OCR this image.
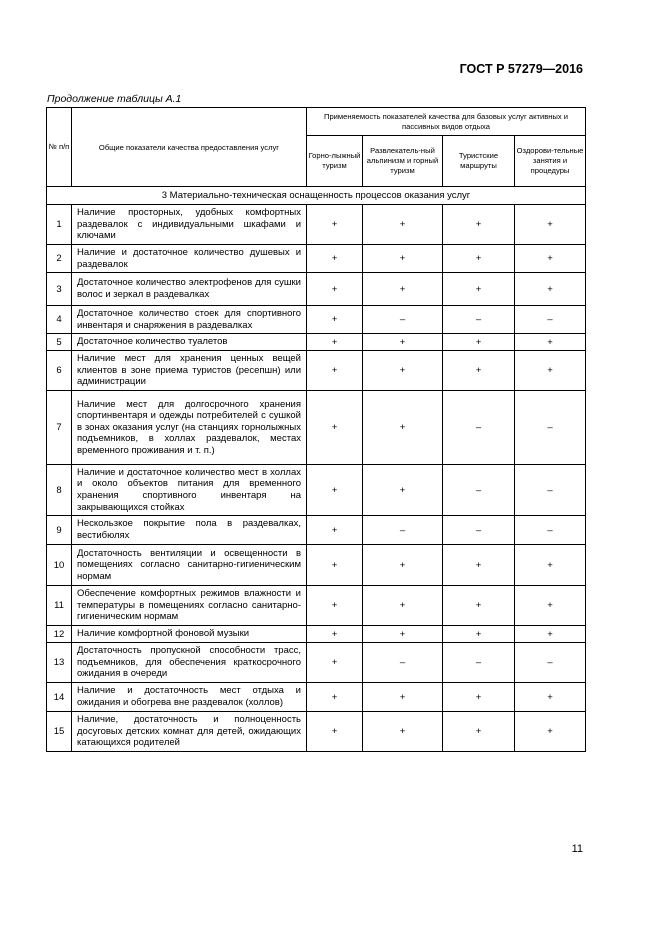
ГОСТ Р 57279—2016
Продолжение таблицы А.1
№ п/п	Общие показатели качества предоставления услуг	Применяемость показателей качества для базовых услуг активных и пассивных видов отдыха			
		Горно-лыжный туризм	Развлекатель-ный альпинизм и горный туризм	Туристские маршруты	Оздорови-тельные занятия и процедуры
3 Материально-техническая оснащенность процессов оказания услуг					
1	Наличие просторных, удобных комфортных раздевалок с индивидуальными шкафами и ключами	+	+	+	+
2	Наличие и достаточное количество душевых и раздевалок	+	+	+	+
3	Достаточное количество электрофенов для сушки волос и зеркал в раздевалках	+	+	+	+
4	Достаточное количество стоек для спортивного инвентаря и снаряжения в раздевалках	+	–	–	–
5	Достаточное количество туалетов	+	+	+	+
6	Наличие мест для хранения ценных вещей клиентов в зоне приема туристов (ресепшн) или администрации	+	+	+	+
7	Наличие мест для долгосрочного хранения спортинвентаря и одежды потребителей с сушкой в зонах оказания услуг (на станциях горнолыжных подъемников, в холлах раздевалок, местах временного проживания и т. п.)	+	+	–	–
8	Наличие и достаточное количество мест в холлах и около объектов питания для временного хранения спортивного инвентаря на закрывающихся стойках	+	+	–	–
9	Нескользкое покрытие пола в раздевалках, вестибюлях	+	–	–	–
10	Достаточность вентиляции и освещенности в помещениях согласно санитарно-гигиеническим нормам	+	+	+	+
11	Обеспечение комфортных режимов влажности и температуры в помещениях согласно санитарно-гигиеническим нормам	+	+	+	+
12	Наличие комфортной фоновой музыки	+	+	+	+
13	Достаточность пропускной способности трасс, подъемников, для обеспечения краткосрочного ожидания в очереди	+	–	–	–
14	Наличие и достаточность мест отдыха и ожидания и обогрева вне раздевалок (холлов)	+	+	+	+
15	Наличие, достаточность и полноценность досуговых детских комнат для детей, ожидающих катающихся родителей	+	+	+	+
11
